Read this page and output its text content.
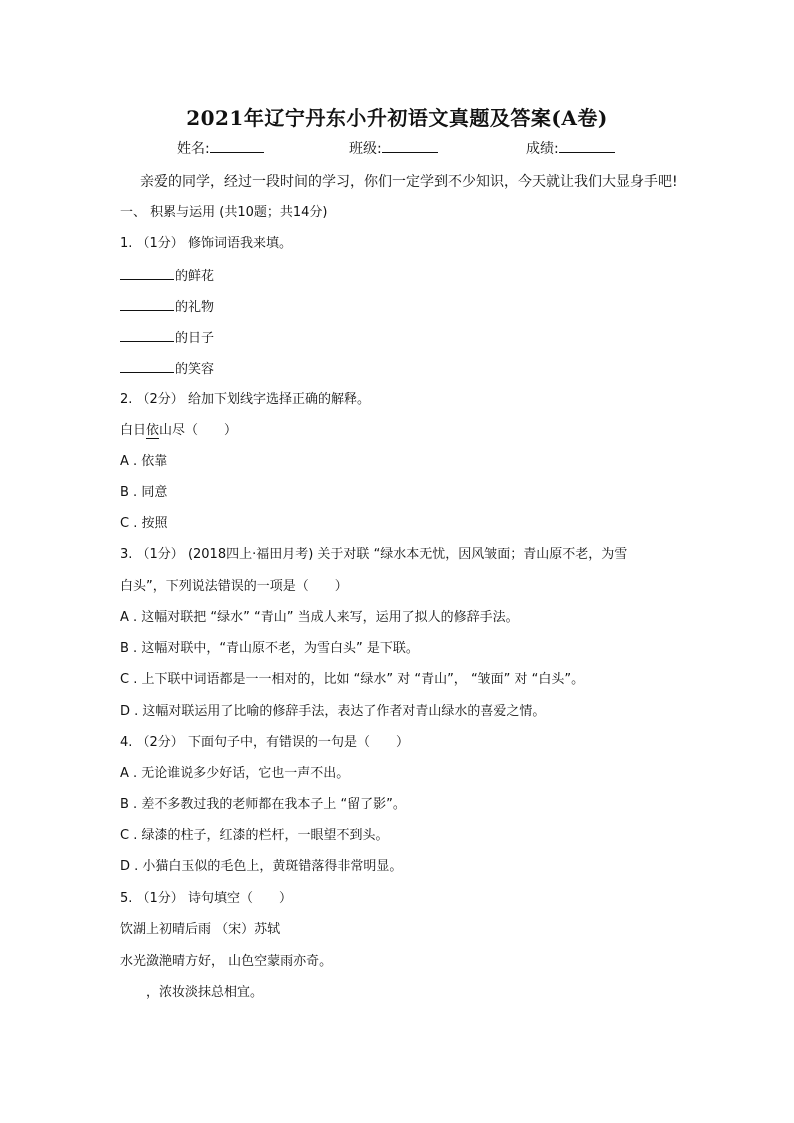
2021年辽宁丹东小升初语文真题及答案(A卷)
姓名:	班级:	成绩:
亲爱的同学，经过一段时间的学习，你们一定学到不少知识，今天就让我们大显身手吧!
一、 积累与运用 (共10题；共14分)
1. （1分） 修饰词语我来填。
的鲜花
的礼物
的日子
的笑容
2. （2分） 给加下划线字选择正确的解释。
白日依山尽（　　）
A . 依靠
B . 同意
C . 按照
3. （1分） (2018四上·福田月考) 关于对联 “绿水本无忧，因风皱面；青山原不老，为雪
白头”，下列说法错误的一项是（　　）
A . 这幅对联把 “绿水” “青山” 当成人来写，运用了拟人的修辞手法。
B . 这幅对联中，“青山原不老，为雪白头” 是下联。
C . 上下联中词语都是一一相对的，比如 “绿水” 对 “青山”， “皱面” 对 “白头”。
D . 这幅对联运用了比喻的修辞手法，表达了作者对青山绿水的喜爱之情。
4. （2分） 下面句子中，有错误的一句是（　　）
A . 无论谁说多少好话，它也一声不出。
B . 差不多教过我的老师都在我本子上 “留了影”。
C . 绿漆的柱子，红漆的栏杆，一眼望不到头。
D . 小猫白玉似的毛色上，黄斑错落得非常明显。
5. （1分） 诗句填空（　　）
饮湖上初晴后雨 （宋）苏轼
水光潋滟晴方好， 山色空蒙雨亦奇。
，浓妆淡抹总相宜。
